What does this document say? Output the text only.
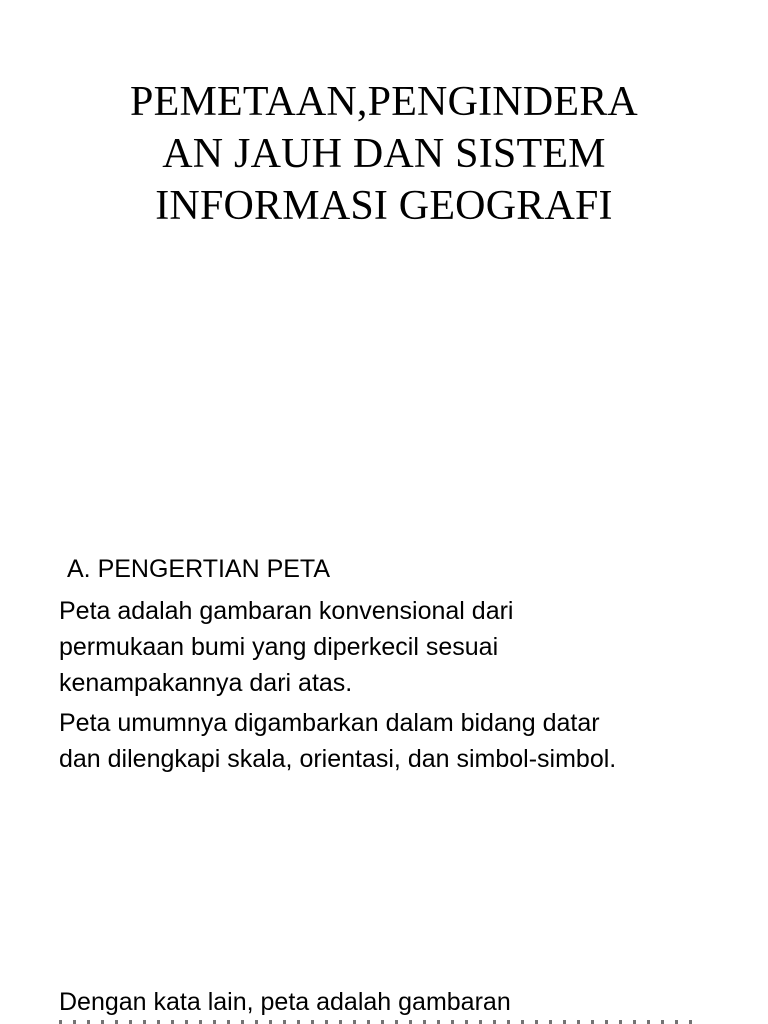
PEMETAAN,PENGINDERA
AN JAUH DAN SISTEM
INFORMASI GEOGRAFI
A. PENGERTIAN PETA
Peta adalah gambaran konvensional dari
permukaan bumi yang diperkecil sesuai
kenampakannya dari atas.
Peta umumnya digambarkan dalam bidang datar
dan dilengkapi skala, orientasi, dan simbol-simbol.
Dengan kata lain, peta adalah gambaran
